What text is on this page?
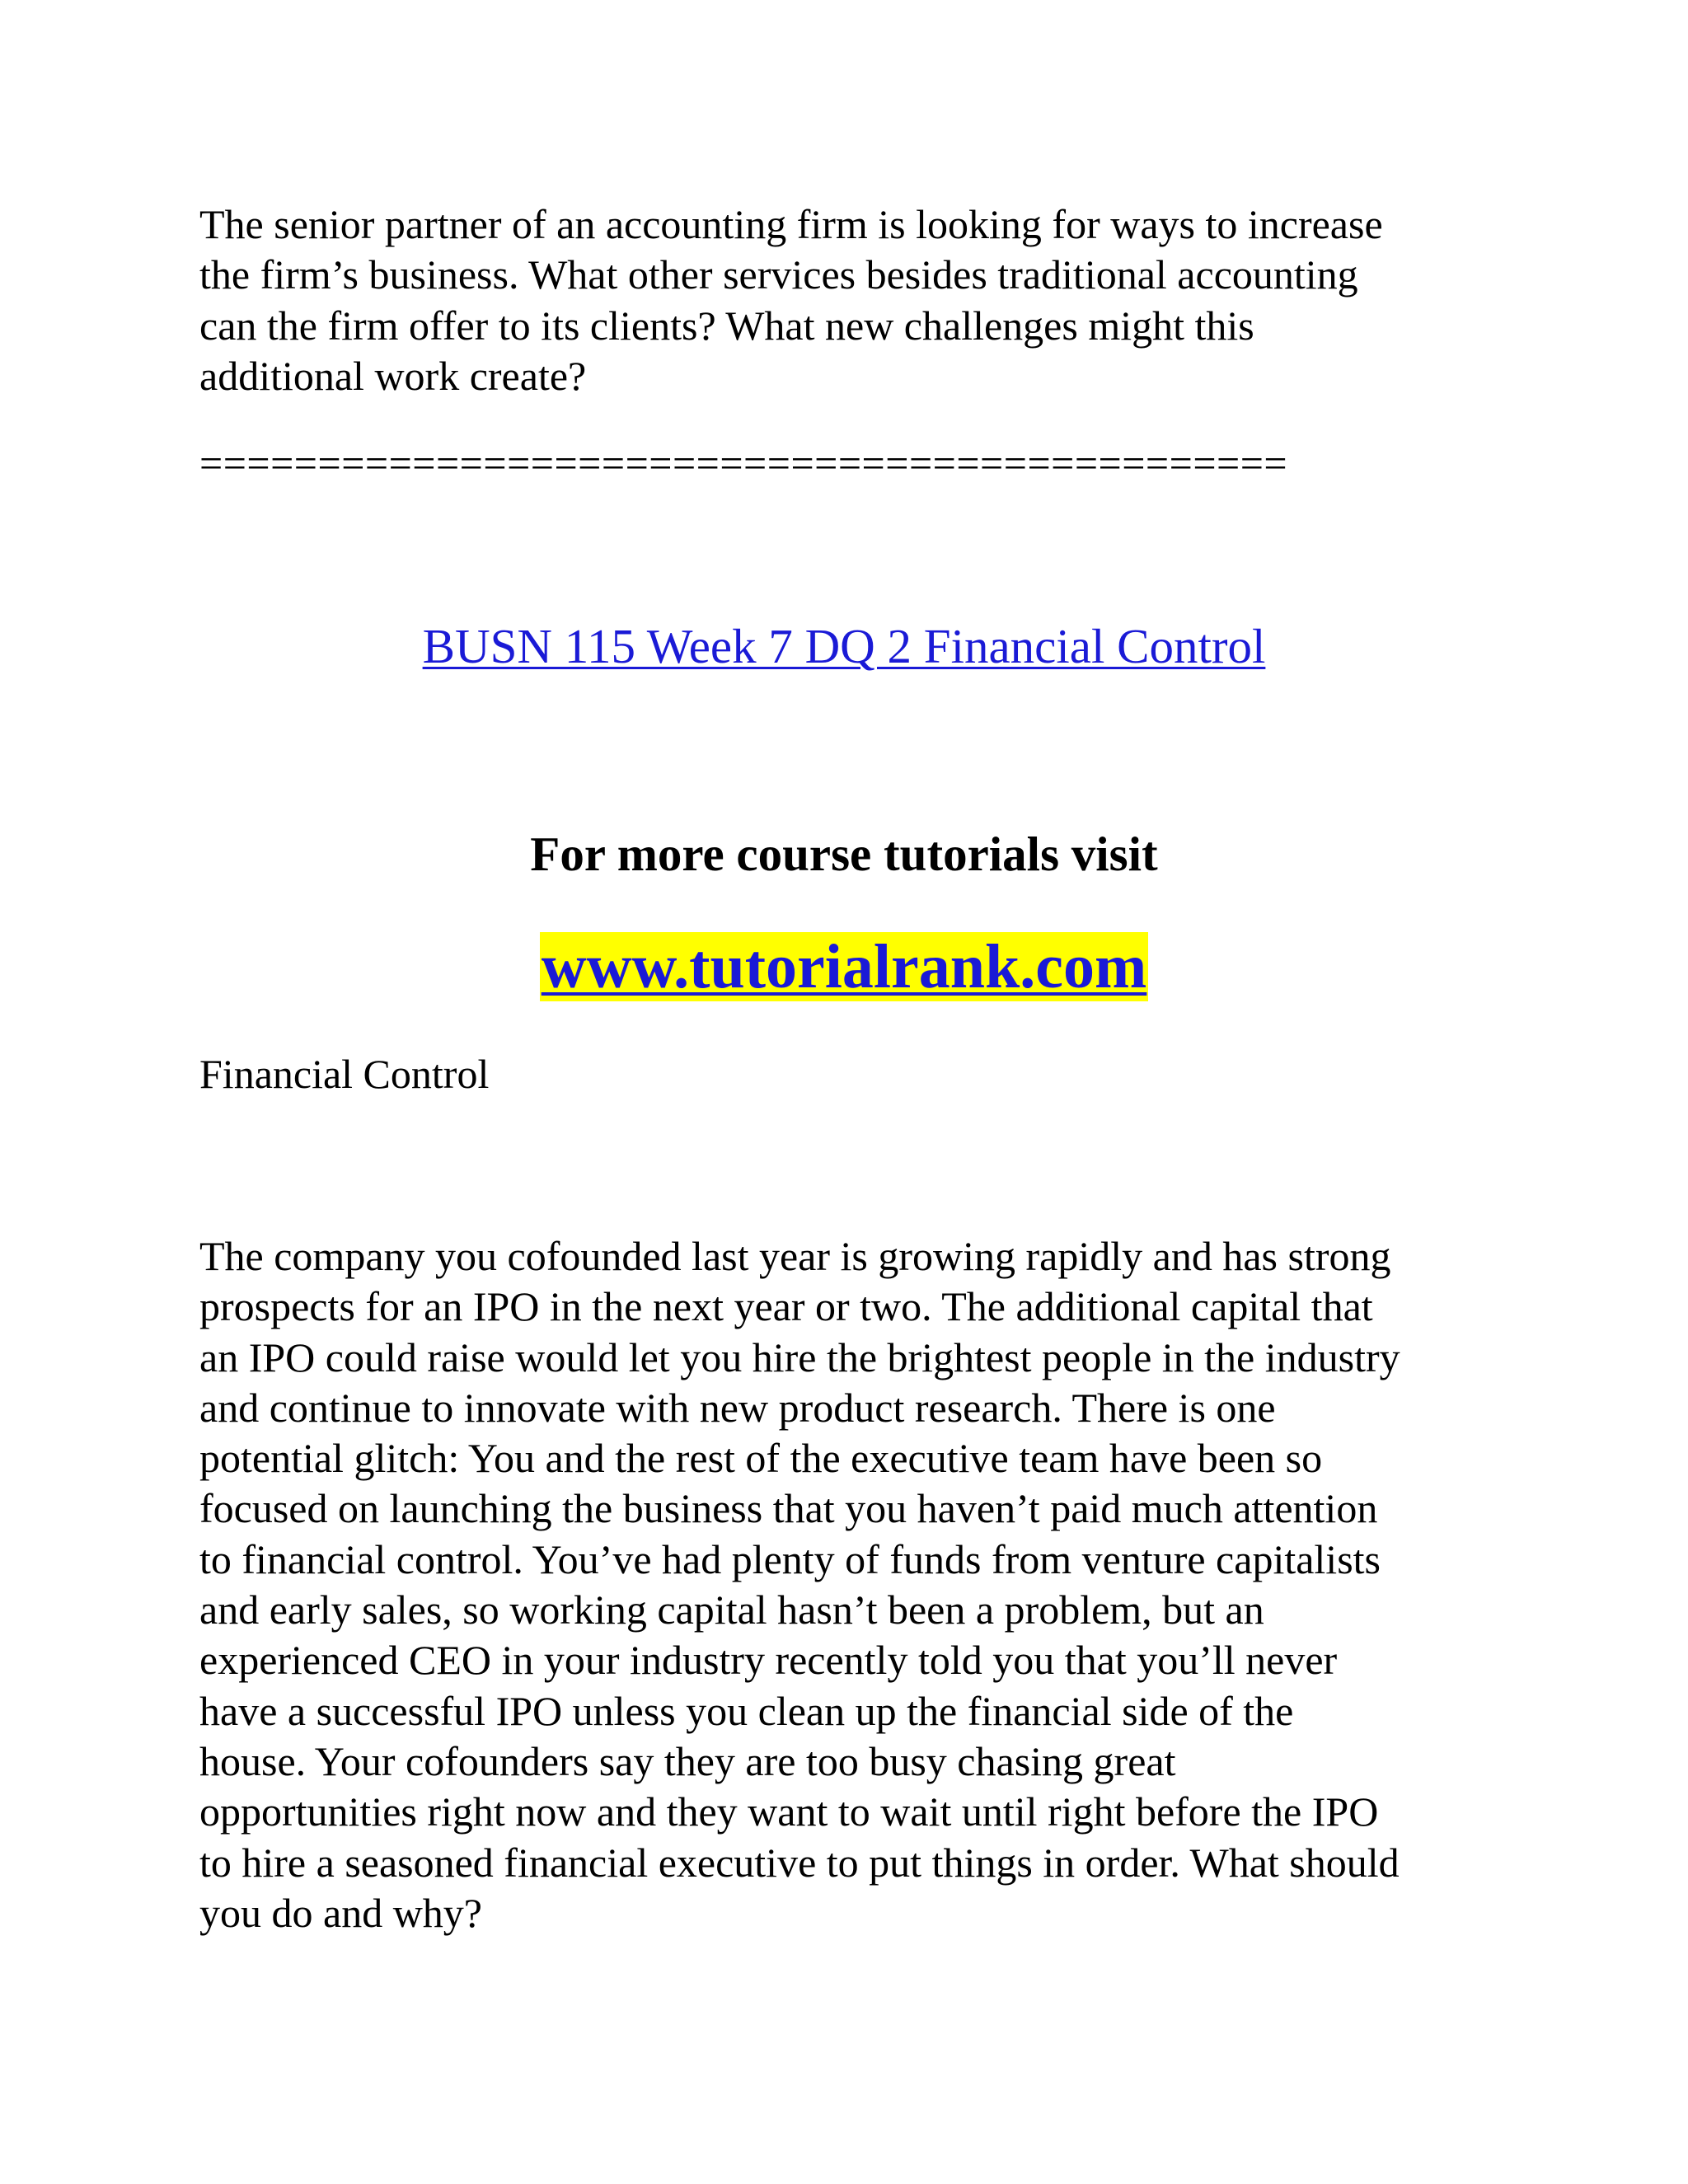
The senior partner of an accounting firm is looking for ways to increase
the firm’s business. What other services besides traditional accounting
can the firm offer to its clients? What new challenges might this
additional work create?

==============================================
BUSN 115 Week 7 DQ 2 Financial Control
For more course tutorials visit
www.tutorialrank.com
Financial Control

The company you cofounded last year is growing rapidly and has strong
prospects for an IPO in the next year or two. The additional capital that
an IPO could raise would let you hire the brightest people in the industry
and continue to innovate with new product research. There is one
potential glitch: You and the rest of the executive team have been so
focused on launching the business that you haven’t paid much attention
to financial control. You’ve had plenty of funds from venture capitalists
and early sales, so working capital hasn’t been a problem, but an
experienced CEO in your industry recently told you that you’ll never
have a successful IPO unless you clean up the financial side of the
house. Your cofounders say they are too busy chasing great
opportunities right now and they want to wait until right before the IPO
to hire a seasoned financial executive to put things in order. What should
you do and why?
